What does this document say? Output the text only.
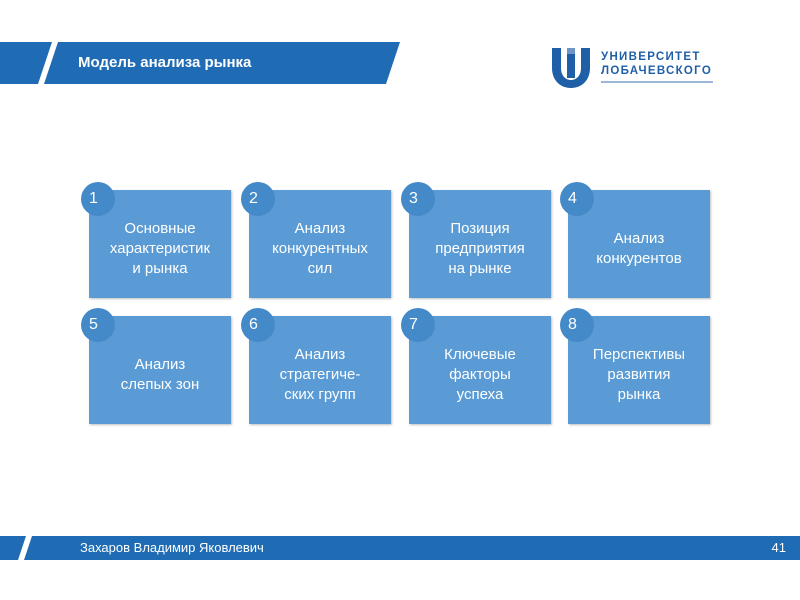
Модель анализа рынка	УНИВЕРСИТЕТ
ЛОБАЧЕВСКОГО
Основные
характеристик
и рынка
1
Анализ
конкурентных
сил
2
Позиция
предприятия
на рынке
3
Анализ
конкурентов
4
Анализ
слепых зон
5
Анализ
стратегиче-
ских групп
6
Ключевые
факторы
успеха
7
Перспективы
развития
рынка
8
Захаров Владимир Яковлевич	41
